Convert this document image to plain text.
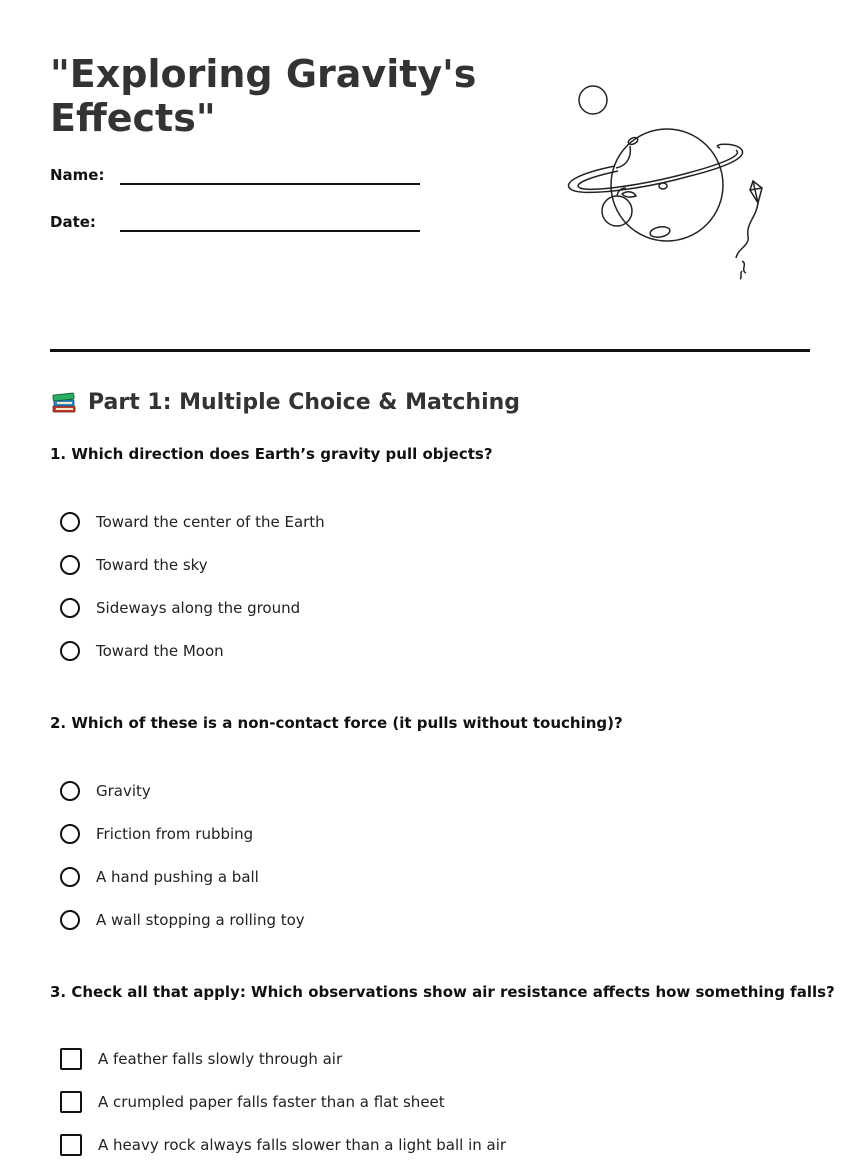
"Exploring Gravity's Effects"
Name:
Date:
Part 1: Multiple Choice & Matching

1. Which direction does Earth’s gravity pull objects?

Toward the center of the Earth
Toward the sky
Sideways along the ground
Toward the Moon

2. Which of these is a non-contact force (it pulls without touching)?

Gravity
Friction from rubbing
A hand pushing a ball
A wall stopping a rolling toy

3. Check all that apply: Which observations show air resistance affects how something falls?

A feather falls slowly through air
A crumpled paper falls faster than a flat sheet
A heavy rock always falls slower than a light ball in air
